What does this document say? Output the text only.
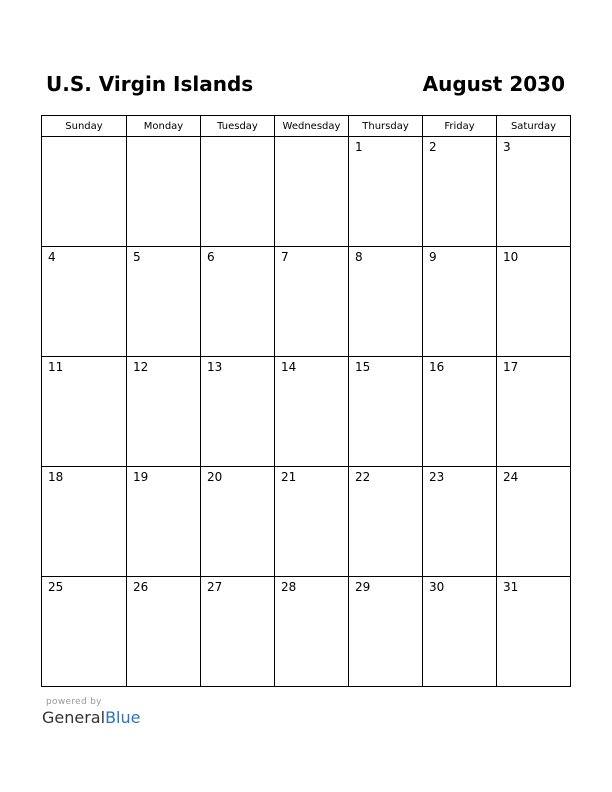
U.S. Virgin Islands	August 2030
Sunday	Monday	Tuesday	Wednesday	Thursday	Friday	Saturday

				1	2	3

4	5	6	7	8	9	10

11	12	13	14	15	16	17

18	19	20	21	22	23	24

25	26	27	28	29	30	31
powered by
GeneralBlue
